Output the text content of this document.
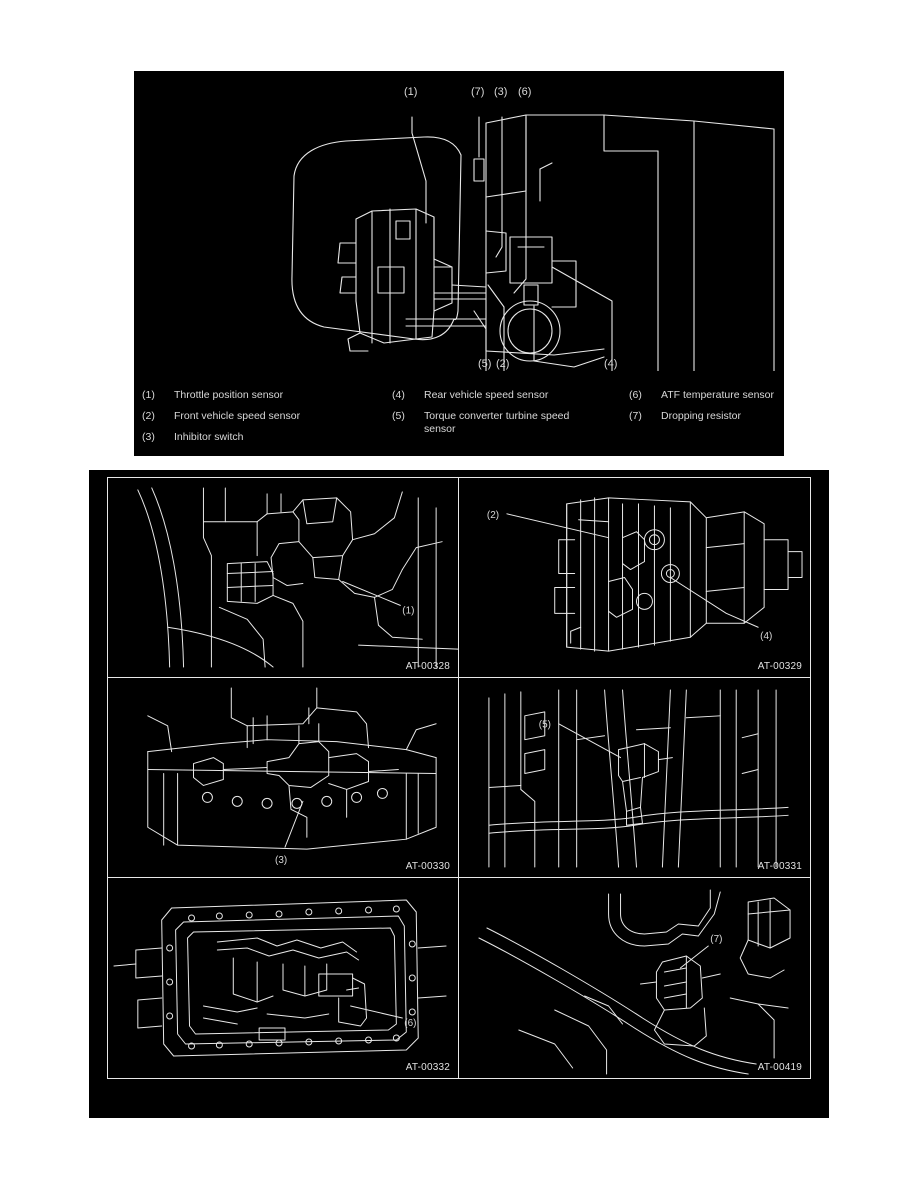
(1)	(7) (3) (6)
(5) (2)	(4)
(1)	Throttle position sensor
(2)	Front vehicle speed sensor
(3)	Inhibitor switch
(4)	Rear vehicle speed sensor
(5)	Torque converter turbine speed sensor
(6)	ATF temperature sensor
(7)	Dropping resistor
(1)
AT-00328
(2)
(4)
AT-00329
(3)
AT-00330
(5)
AT-00331
(6)
AT-00332
(7)
AT-00419
